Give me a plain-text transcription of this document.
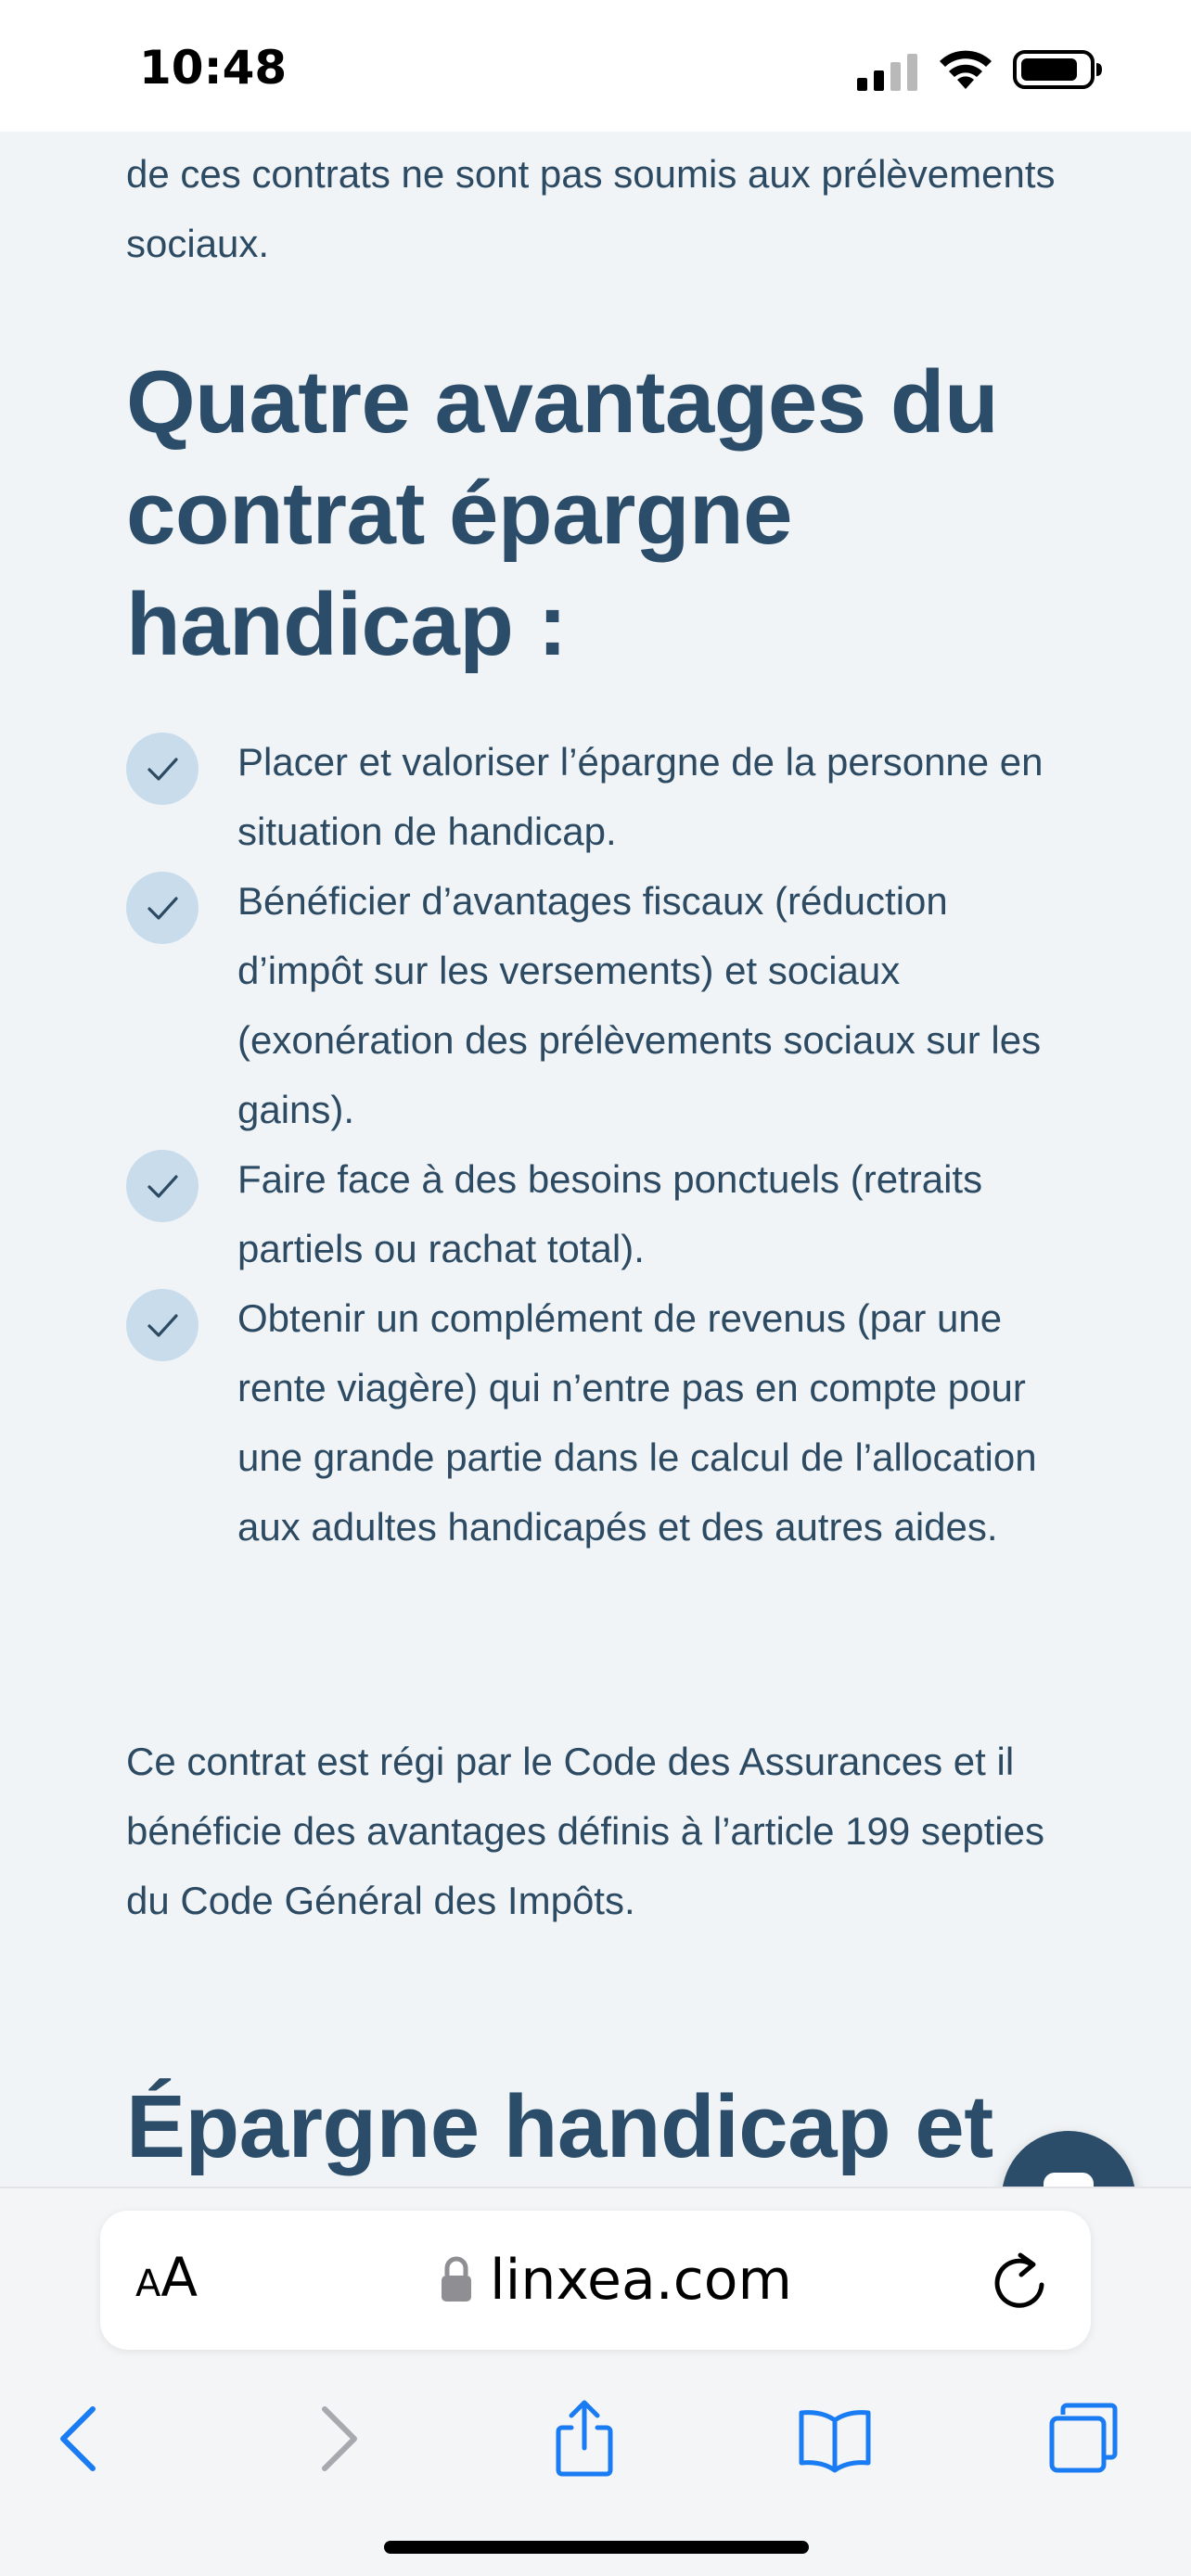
10:48

de ces contrats ne sont pas soumis aux prélèvements sociaux.

Quatre avantages du contrat épargne handicap :
Placer et valoriser l’épargne de la personne en situation de handicap.
Bénéficier d’avantages fiscaux (réduction d’impôt sur les versements) et sociaux (exonération des prélèvements sociaux sur les gains).
Faire face à des besoins ponctuels (retraits partiels ou rachat total).
Obtenir un complément de revenus (par une rente viagère) qui n’entre pas en compte pour une grande partie dans le calcul de l’allocation aux adultes handicapés et des autres aides.

Ce contrat est régi par le Code des Assurances et il bénéficie des avantages définis à l’article 199 septies du Code Général des Impôts.

Épargne handicap et
A A	linxea.com
